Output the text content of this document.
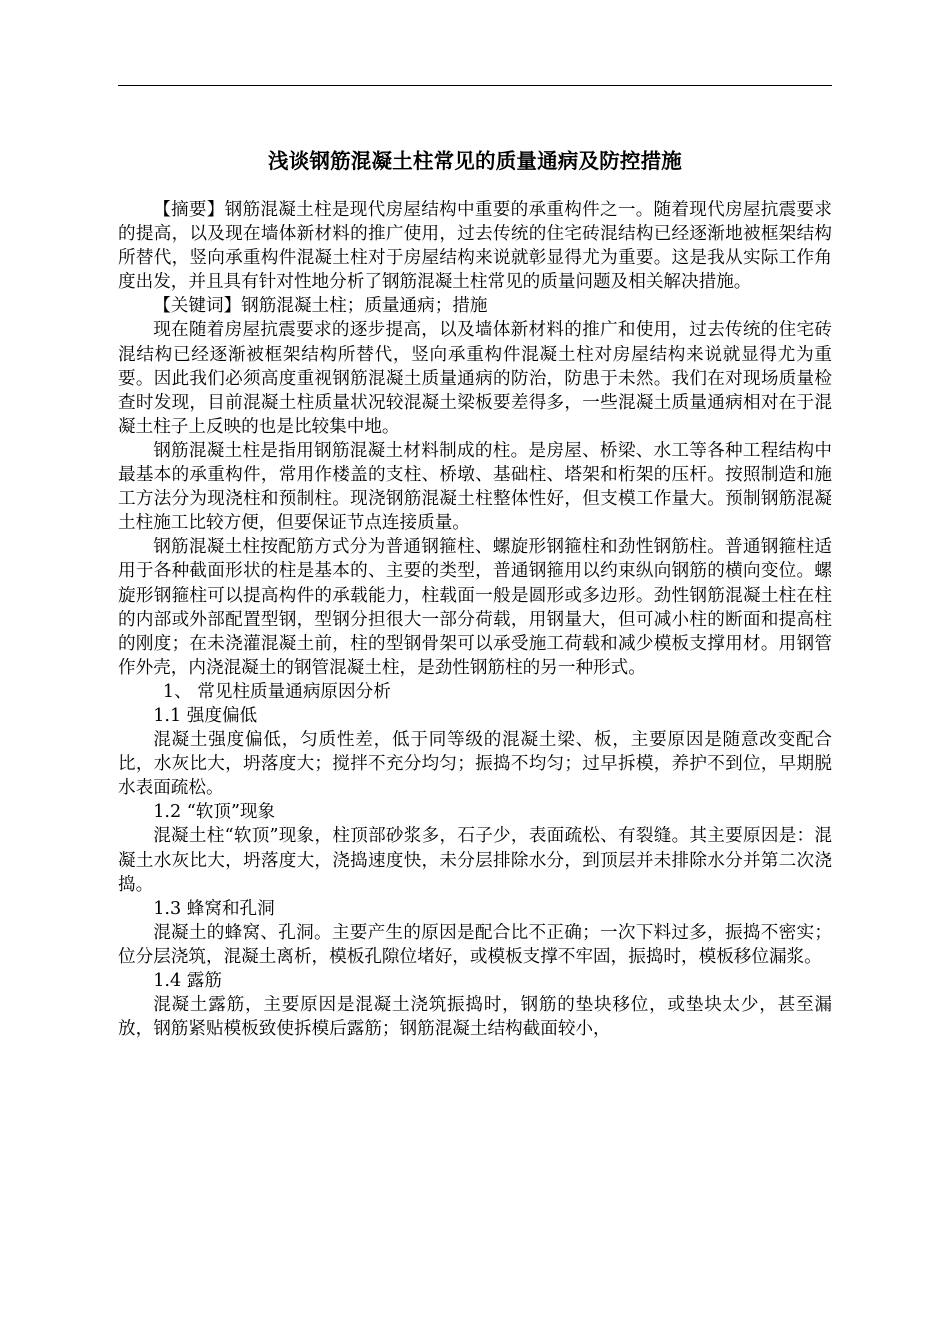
浅谈钢筋混凝土柱常见的质量通病及防控措施

【摘要】钢筋混凝土柱是现代房屋结构中重要的承重构件之一。随着现代房屋抗震要求的提高，以及现在墙体新材料的推广使用，过去传统的住宅砖混结构已经逐渐地被框架结构所替代，竖向承重构件混凝土柱对于房屋结构来说就彰显得尤为重要。这是我从实际工作角度出发，并且具有针对性地分析了钢筋混凝土柱常见的质量问题及相关解决措施。

【关键词】钢筋混凝土柱；质量通病；措施

现在随着房屋抗震要求的逐步提高，以及墙体新材料的推广和使用，过去传统的住宅砖混结构已经逐渐被框架结构所替代，竖向承重构件混凝土柱对房屋结构来说就显得尤为重要。因此我们必须高度重视钢筋混凝土质量通病的防治，防患于未然。我们在对现场质量检查时发现，目前混凝土柱质量状况较混凝土梁板要差得多，一些混凝土质量通病相对在于混凝土柱子上反映的也是比较集中地。

钢筋混凝土柱是指用钢筋混凝土材料制成的柱。是房屋、桥梁、水工等各种工程结构中最基本的承重构件，常用作楼盖的支柱、桥墩、基础柱、塔架和桁架的压杆。按照制造和施工方法分为现浇柱和预制柱。现浇钢筋混凝土柱整体性好，但支模工作量大。预制钢筋混凝土柱施工比较方便，但要保证节点连接质量。

钢筋混凝土柱按配筋方式分为普通钢箍柱、螺旋形钢箍柱和劲性钢筋柱。普通钢箍柱适用于各种截面形状的柱是基本的、主要的类型，普通钢箍用以约束纵向钢筋的横向变位。螺旋形钢箍柱可以提高构件的承载能力，柱载面一般是圆形或多边形。劲性钢筋混凝土柱在柱的内部或外部配置型钢，型钢分担很大一部分荷载，用钢量大，但可减小柱的断面和提高柱的刚度；在未浇灌混凝土前，柱的型钢骨架可以承受施工荷载和减少模板支撑用材。用钢管作外壳，内浇混凝土的钢管混凝土柱，是劲性钢筋柱的另一种形式。

1、 常见柱质量通病原因分析

1.1 强度偏低

混凝土强度偏低，匀质性差，低于同等级的混凝土梁、板，主要原因是随意改变配合比，水灰比大，坍落度大；搅拌不充分均匀；振捣不均匀；过早拆模，养护不到位，早期脱水表面疏松。

1.2 “软顶”现象

混凝土柱“软顶”现象，柱顶部砂浆多，石子少，表面疏松、有裂缝。其主要原因是：混凝土水灰比大，坍落度大，浇捣速度快，未分层排除水分，到顶层并未排除水分并第二次浇捣。

1.3 蜂窝和孔洞

混凝土的蜂窝、孔洞。主要产生的原因是配合比不正确；一次下料过多，振捣不密实；位分层浇筑，混凝土离析，模板孔隙位堵好，或模板支撑不牢固，振捣时，模板移位漏浆。

1.4 露筋

混凝土露筋，主要原因是混凝土浇筑振捣时，钢筋的垫块移位，或垫块太少，甚至漏放，钢筋紧贴模板致使拆模后露筋；钢筋混凝土结构截面较小，
